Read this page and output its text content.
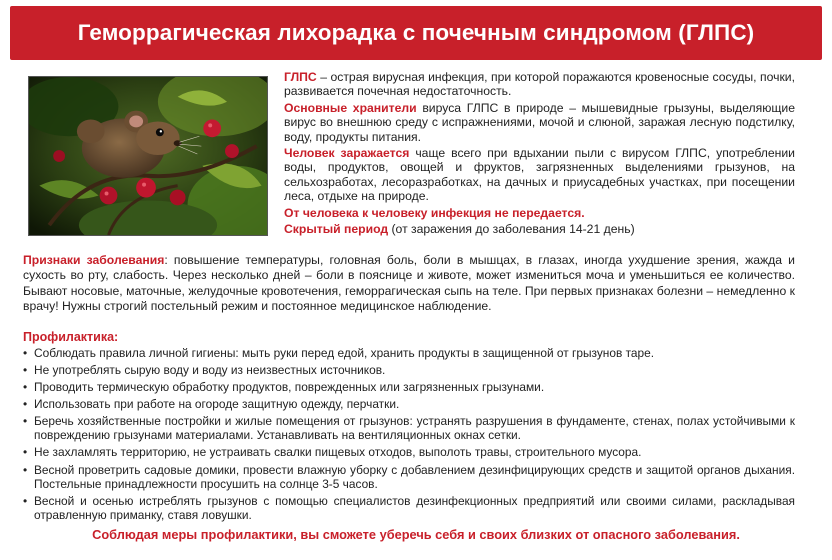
Геморрагическая лихорадка с почечным синдромом (ГЛПС)

ГЛПС – острая вирусная инфекция, при которой поражаются кровеносные сосуды, почки, развивается почечная недостаточность.

Основные хранители вируса ГЛПС в природе – мышевидные грызуны, выделяющие вирус во внешнюю среду с испражнениями, мочой и слюной, заражая лесную подстилку, воду, продукты питания.

Человек заражается чаще всего при вдыхании пыли с вирусом ГЛПС, употреблении воды, продуктов, овощей и фруктов, загрязненных выделениями грызунов, на сельхозработах, лесоразработках, на дачных и приусадебных участках, при посещении леса, отдыхе на природе.

От человека к человеку инфекция не передается.

Скрытый период (от заражения до заболевания 14-21 день)

Признаки заболевания: повышение температуры, головная боль, боли в мышцах, в глазах, иногда ухудшение зрения, жажда и сухость во рту, слабость. Через несколько дней – боли в пояснице и животе, может измениться моча и уменьшиться ее количество. Бывают носовые, маточные, желудочные кровотечения, геморрагическая сыпь на теле. При первых признаках болезни – немедленно к врачу! Нужны строгий постельный режим и постоянное медицинское наблюдение.
Профилактика:
• Соблюдать правила личной гигиены: мыть руки перед едой, хранить продукты в защищенной от грызунов таре.
• Не употреблять сырую воду и воду из неизвестных источников.
• Проводить термическую обработку продуктов, поврежденных или загрязненных грызунами.
• Использовать при работе на огороде защитную одежду, перчатки.
• Беречь хозяйственные постройки и жилые помещения от грызунов: устранять разрушения в фундаменте, стенах, полах устойчивыми к повреждению грызунами материалами. Устанавливать на вентиляционных окнах сетки.
• Не захламлять территорию, не устраивать свалки пищевых отходов, выполоть травы, строительного мусора.
• Весной проветрить садовые домики, провести влажную уборку с добавлением дезинфицирующих средств и защитой органов дыхания. Постельные принадлежности просушить на солнце 3-5 часов.
• Весной и осенью истреблять грызунов с помощью специалистов дезинфекционных предприятий или своими силами, раскладывая отравленную приманку, ставя ловушки.
Соблюдая меры профилактики, вы сможете уберечь себя и своих близких от опасного заболевания.
